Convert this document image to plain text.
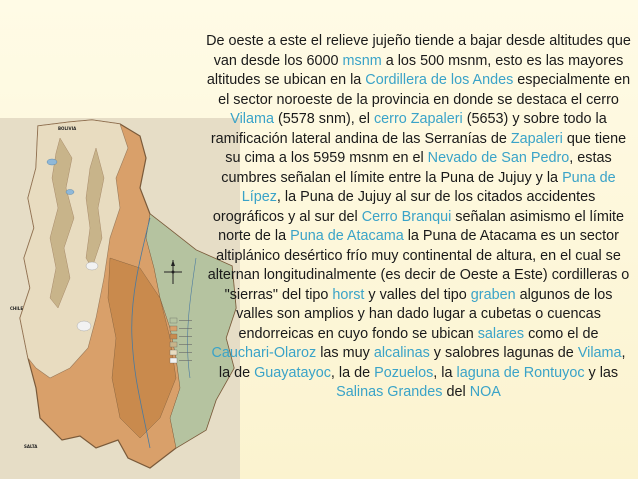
BOLIVIA
CHILE
SALTA
De oeste a este el relieve jujeño tiende a bajar desde altitudes que van desde los 6000 msnm a los 500 msnm, esto es las mayores altitudes se ubican en la Cordillera de los Andes especialmente en el sector noroeste de la provincia en donde se destaca el cerro Vilama (5578 snm), el cerro Zapaleri (5653) y sobre todo la ramificación lateral andina de las Serranías de Zapaleri que tiene su cima a los 5959 msnm en el Nevado de San Pedro, estas cumbres señalan el límite entre la Puna de Jujuy y la Puna de Lípez, la Puna de Jujuy al sur de los citados accidentes orográficos y al sur del Cerro Branqui señalan asimismo el límite norte de la Puna de Atacama la Puna de Atacama es un sector altiplánico desértico frío muy continental de altura, en el cual se alternan longitudinalmente (es decir de Oeste a Este) cordilleras o "sierras" del tipo horst y valles del tipo graben algunos de los valles son amplios y han dado lugar a cubetas o cuencas endorreicas en cuyo fondo se ubican salares como el de Cauchari-Olaroz las muy alcalinas y salobres lagunas de Vilama, la de Guayatayoc, la de Pozuelos, la laguna de Rontuyoc y las Salinas Grandes del NOA
